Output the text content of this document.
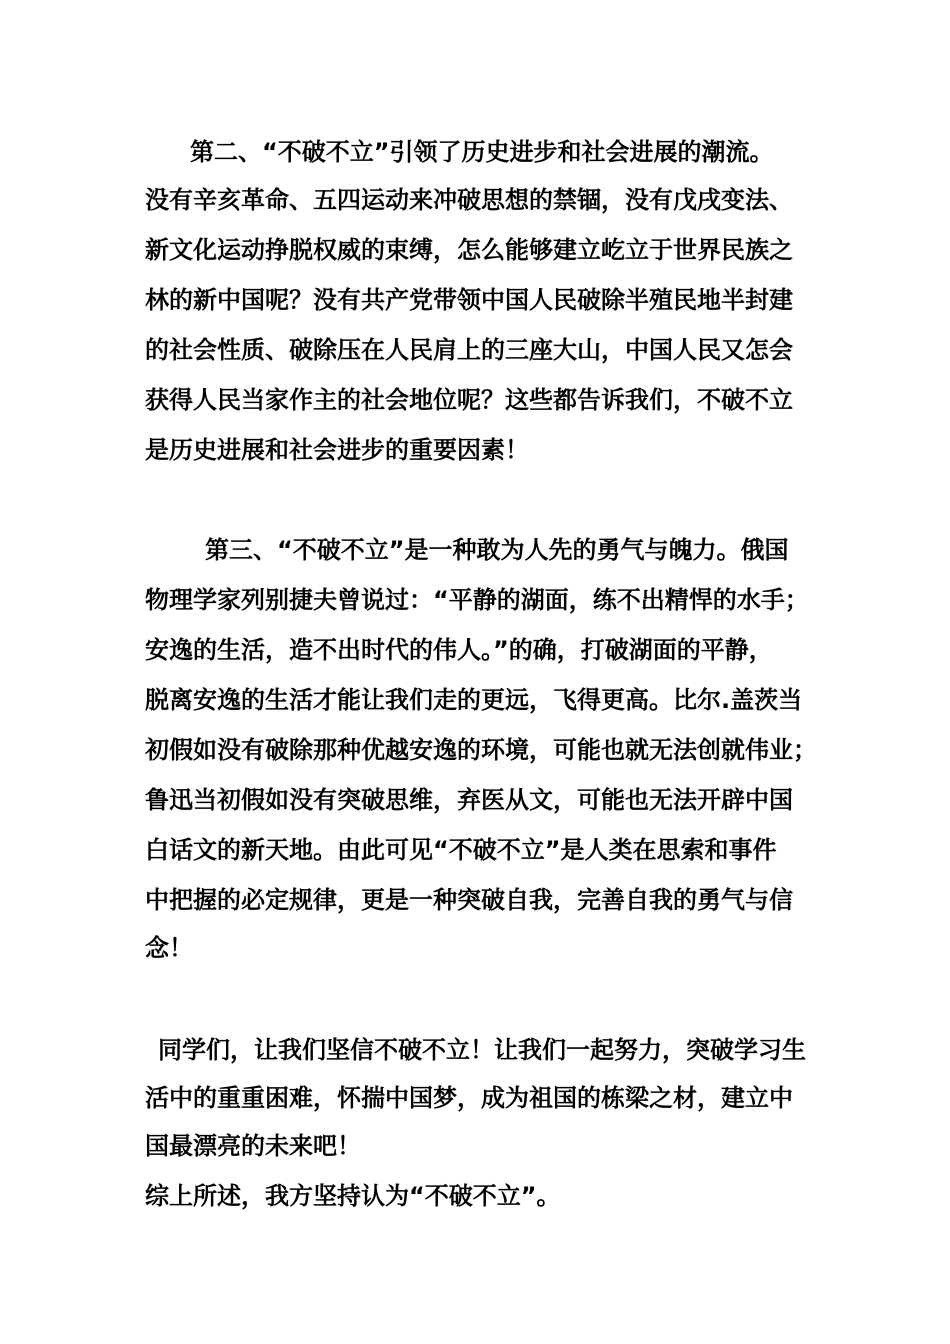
第二、“不破不立”引领了历史进步和社会进展的潮流。
没有辛亥革命、五四运动来冲破思想的禁锢，没有戊戌变法、
新文化运动挣脱权威的束缚，怎么能够建立屹立于世界民族之
林的新中国呢？没有共产党带领中国人民破除半殖民地半封建
的社会性质、破除压在人民肩上的三座大山，中国人民又怎会
获得人民当家作主的社会地位呢？这些都告诉我们，不破不立
是历史进展和社会进步的重要因素！
第三、“不破不立”是一种敢为人先的勇气与魄力。俄国
物理学家列别捷夫曾说过：“平静的湖面，练不出精悍的水手；
安逸的生活，造不出时代的伟人。”的确，打破湖面的平静，
脱离安逸的生活才能让我们走的更远，飞得更高。比尔.盖茨当
初假如没有破除那种优越安逸的环境，可能也就无法创就伟业；
鲁迅当初假如没有突破思维，弃医从文，可能也无法开辟中国
白话文的新天地。由此可见“不破不立”是人类在思索和事件
中把握的必定规律，更是一种突破自我，完善自我的勇气与信
念！
同学们，让我们坚信不破不立！让我们一起努力，突破学习生
活中的重重困难，怀揣中国梦，成为祖国的栋梁之材，建立中
国最漂亮的未来吧！
综上所述，我方坚持认为“不破不立”。
